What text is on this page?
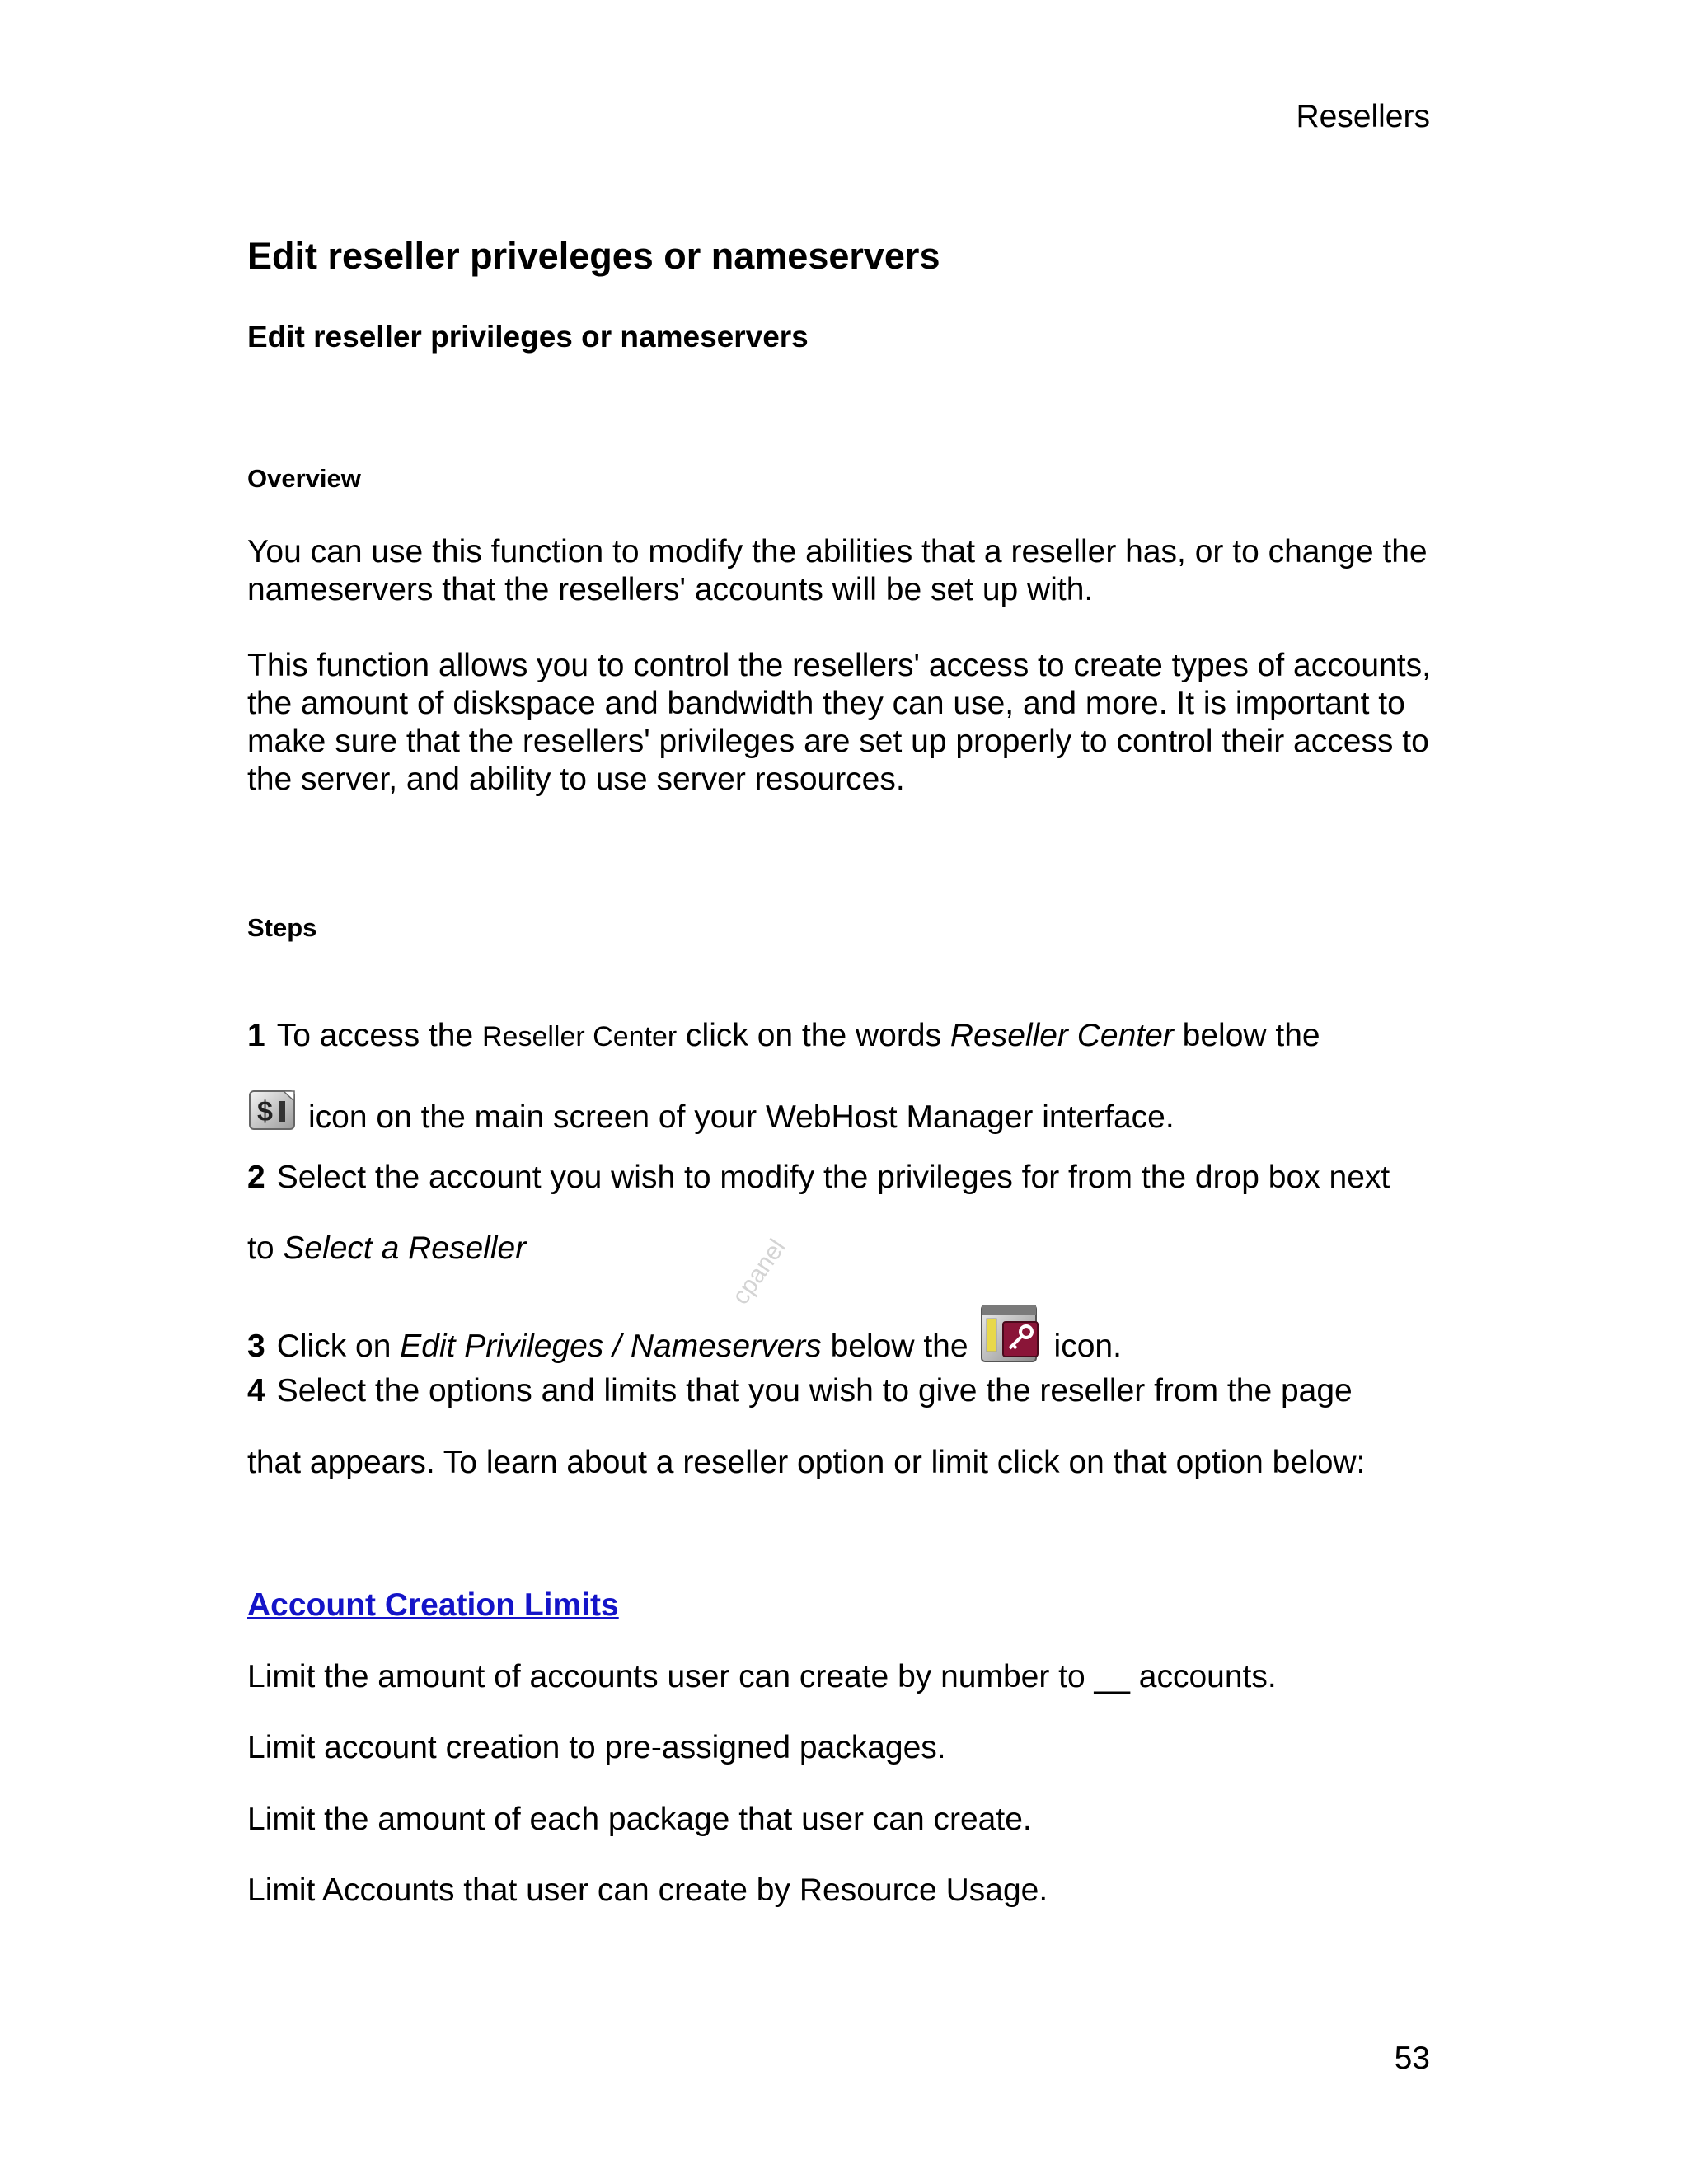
Resellers
Edit reseller priveleges or nameservers
Edit reseller privileges or nameservers
Overview
You can use this function to modify the abilities that a reseller has, or to change the nameservers that the resellers' accounts will be set up with.
This function allows you to control the resellers' access to create types of accounts, the amount of diskspace and bandwidth they can use, and more. It is important to make sure that the resellers' privileges are set up properly to control their access to the server, and ability to use server resources.
Steps
1 To access the Reseller Center click on the words Reseller Center below the
$ icon on the main screen of your WebHost Manager interface.
2 Select the account you wish to modify the privileges for from the drop box next
to Select a Reseller
3 Click on Edit Privileges / Nameservers below the	icon.
4 Select the options and limits that you wish to give the reseller from the page
that appears. To learn about a reseller option or limit click on that option below:
Account Creation Limits
Limit the amount of accounts user can create by number to __ accounts.
Limit account creation to pre-assigned packages.
Limit the amount of each package that user can create.
Limit Accounts that user can create by Resource Usage.
cpanel
53
